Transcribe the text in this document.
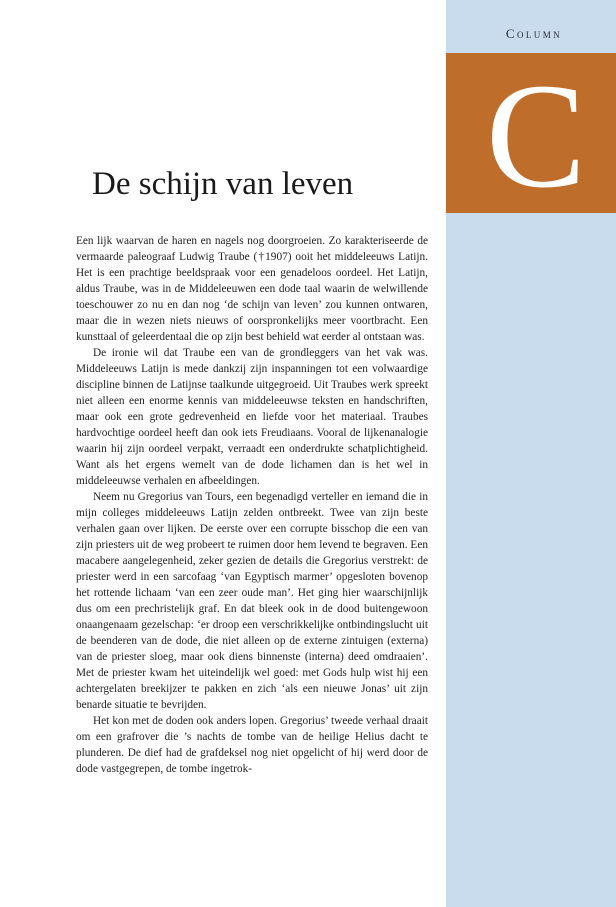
Column
C
De schijn van leven

Een lijk waarvan de haren en nagels nog doorgroeien. Zo karakteriseerde de vermaarde paleograaf Ludwig Traube (†1907) ooit het middeleeuws Latijn. Het is een prachtige beeldspraak voor een genadeloos oordeel. Het Latijn, aldus Traube, was in de Middeleeuwen een dode taal waarin de welwillende toeschouwer zo nu en dan nog ‘de schijn van leven’ zou kunnen ontwaren, maar die in wezen niets nieuws of oorspronkelijks meer voortbracht. Een kunsttaal of geleerdentaal die op zijn best behield wat eerder al ontstaan was.

De ironie wil dat Traube een van de grondleggers van het vak was. Middeleeuws Latijn is mede dankzij zijn inspanningen tot een volwaardige discipline binnen de Latijnse taalkunde uitgegroeid. Uit Traubes werk spreekt niet alleen een enorme kennis van middeleeuwse teksten en handschriften, maar ook een grote gedrevenheid en liefde voor het materiaal. Traubes hardvochtige oordeel heeft dan ook iets Freudiaans. Vooral de lijkenanalogie waarin hij zijn oordeel verpakt, verraadt een onderdrukte schatplichtigheid. Want als het ergens wemelt van de dode lichamen dan is het wel in middeleeuwse verhalen en afbeeldingen.

Neem nu Gregorius van Tours, een begenadigd verteller en iemand die in mijn colleges middeleeuws Latijn zelden ontbreekt. Twee van zijn beste verhalen gaan over lijken. De eerste over een corrupte bisschop die een van zijn priesters uit de weg probeert te ruimen door hem levend te begraven. Een macabere aangelegenheid, zeker gezien de details die Gregorius verstrekt: de priester werd in een sarcofaag ‘van Egyptisch marmer’ opgesloten bovenop het rottende lichaam ‘van een zeer oude man’. Het ging hier waarschijnlijk dus om een prechristelijk graf. En dat bleek ook in de dood buitengewoon onaangenaam gezelschap: ‘er droop een verschrikkelijke ontbindingslucht uit de beenderen van de dode, die niet alleen op de externe zintuigen (externa) van de priester sloeg, maar ook diens binnenste (interna) deed omdraaien’. Met de priester kwam het uiteindelijk wel goed: met Gods hulp wist hij een achtergelaten breekijzer te pakken en zich ‘als een nieuwe Jonas’ uit zijn benarde situatie te bevrijden.

Het kon met de doden ook anders lopen. Gregorius’ tweede verhaal draait om een grafrover die ’s nachts de tombe van de heilige Helius dacht te plunderen. De dief had de grafdeksel nog niet opgelicht of hij werd door de dode vastgegrepen, de tombe ingetrok-
